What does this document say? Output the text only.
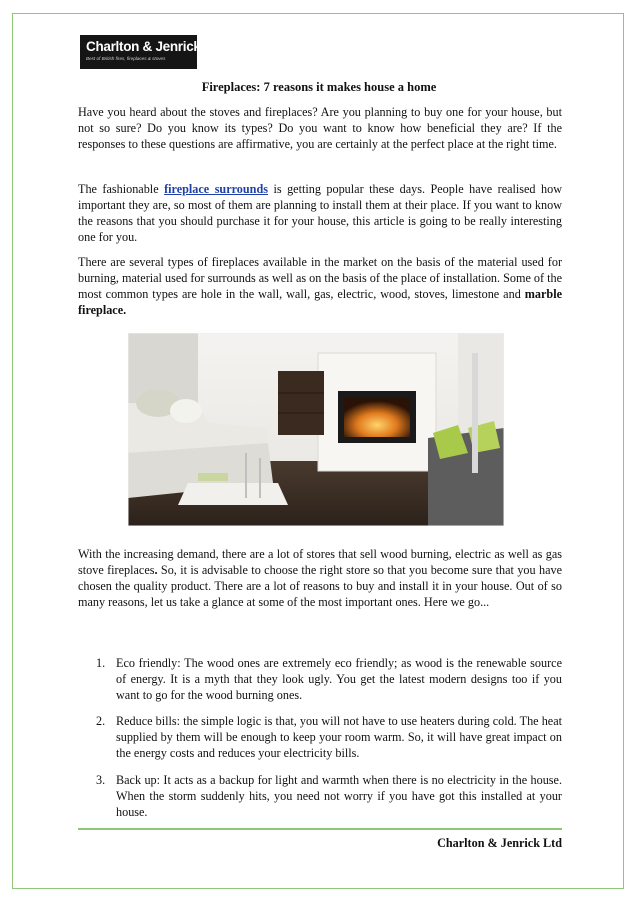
Charlton & Jenrick
Best of British fires, fireplaces & stoves
Fireplaces: 7 reasons it makes house a home

Have you heard about the stoves and fireplaces? Are you planning to buy one for your house, but not so sure? Do you know its types? Do you want to know how beneficial they are? If the responses to these questions are affirmative, you are certainly at the perfect place at the right time.

The fashionable fireplace surrounds is getting popular these days. People have realised how important they are, so most of them are planning to install them at their place. If you want to know the reasons that you should purchase it for your house, this article is going to be really interesting one for you.

There are several types of fireplaces available in the market on the basis of the material used for burning, material used for surrounds as well as on the basis of the place of installation. Some of the most common types are hole in the wall, wall, gas, electric, wood, stoves, limestone and marble fireplace.

With the increasing demand, there are a lot of stores that sell wood burning, electric as well as gas stove fireplaces. So, it is advisable to choose the right store so that you become sure that you have chosen the quality product. There are a lot of reasons to buy and install it in your house. Out of so many reasons, let us take a glance at some of the most important ones. Here we go...

1. Eco friendly: The wood ones are extremely eco friendly; as wood is the renewable source of energy. It is a myth that they look ugly. You get the latest modern designs too if you want to go for the wood burning ones.
2. Reduce bills: the simple logic is that, you will not have to use heaters during cold. The heat supplied by them will be enough to keep your room warm. So, it will have great impact on the energy costs and reduces your electricity bills.
3. Back up: It acts as a backup for light and warmth when there is no electricity in the house. When the storm suddenly hits, you need not worry if you have got this installed at your house.
Charlton & Jenrick Ltd
